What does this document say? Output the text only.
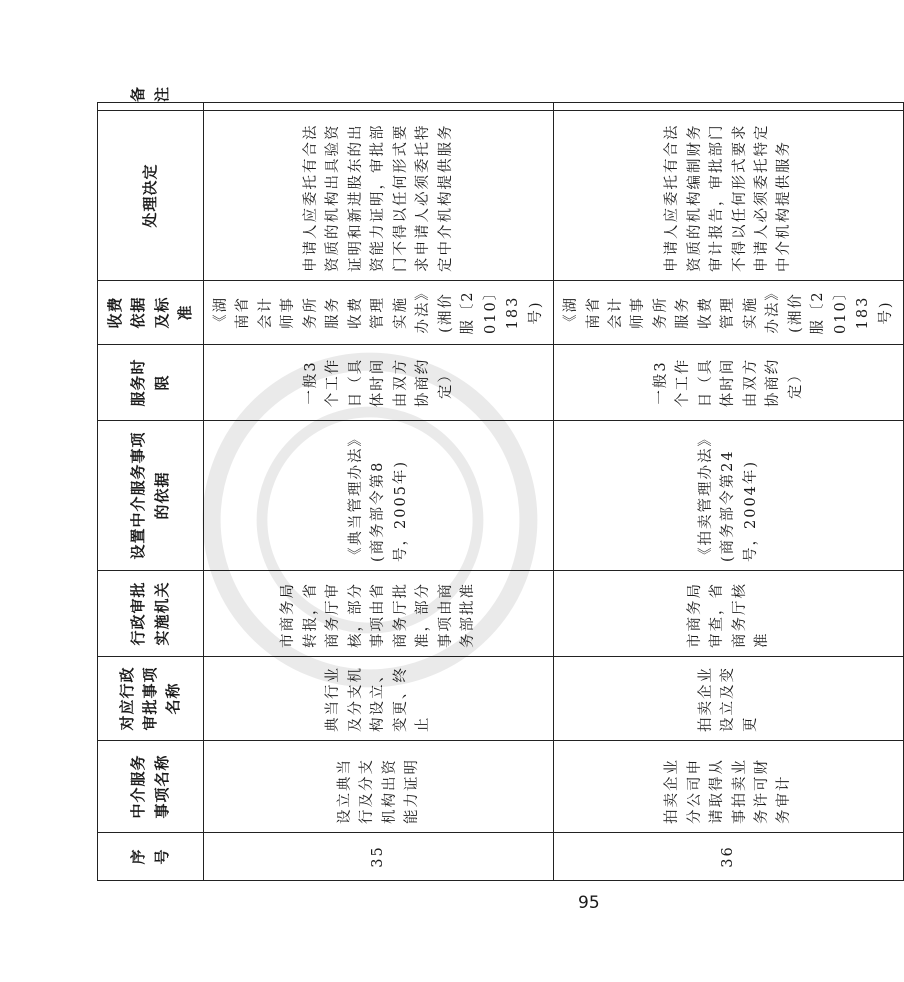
序号	中介服务事项名称	对应行政审批事项名称	行政审批实施机关	设置中介服务事项的依据	服务时限	收费依据及标准	处理决定	备注
35	设立典当行及分支机构出资能力证明	典当行业及分支机构设立、变更、终止	市商务局转报，省商务厅审核，部分事项由省商务厅批准，部分事项由商务部批准	《典当管理办法》(商务部令第8号，2005年)	一般3个工作日（具体时间由双方协商约定）	《湖南省会计师事务所服务收费管理实施办法》(湘价服〔2010〕183号)	申请人应委托有合法资质的机构出具验资证明和新进股东的出资能力证明，审批部门不得以任何形式要求申请人必须委托特定中介机构提供服务	
36	拍卖企业分公司申请取得从事拍卖业务许可财务审计	拍卖企业设立及变更	市商务局审查，省商务厅核准	《拍卖管理办法》(商务部令第24号，2004年)	一般3个工作日（具体时间由双方协商约定）	《湖南省会计师事务所服务收费管理实施办法》(湘价服〔2010〕183号)	申请人应委托有合法资质的机构编制财务审计报告，审批部门不得以任何形式要求申请人必须委托特定中介机构提供服务	
95
